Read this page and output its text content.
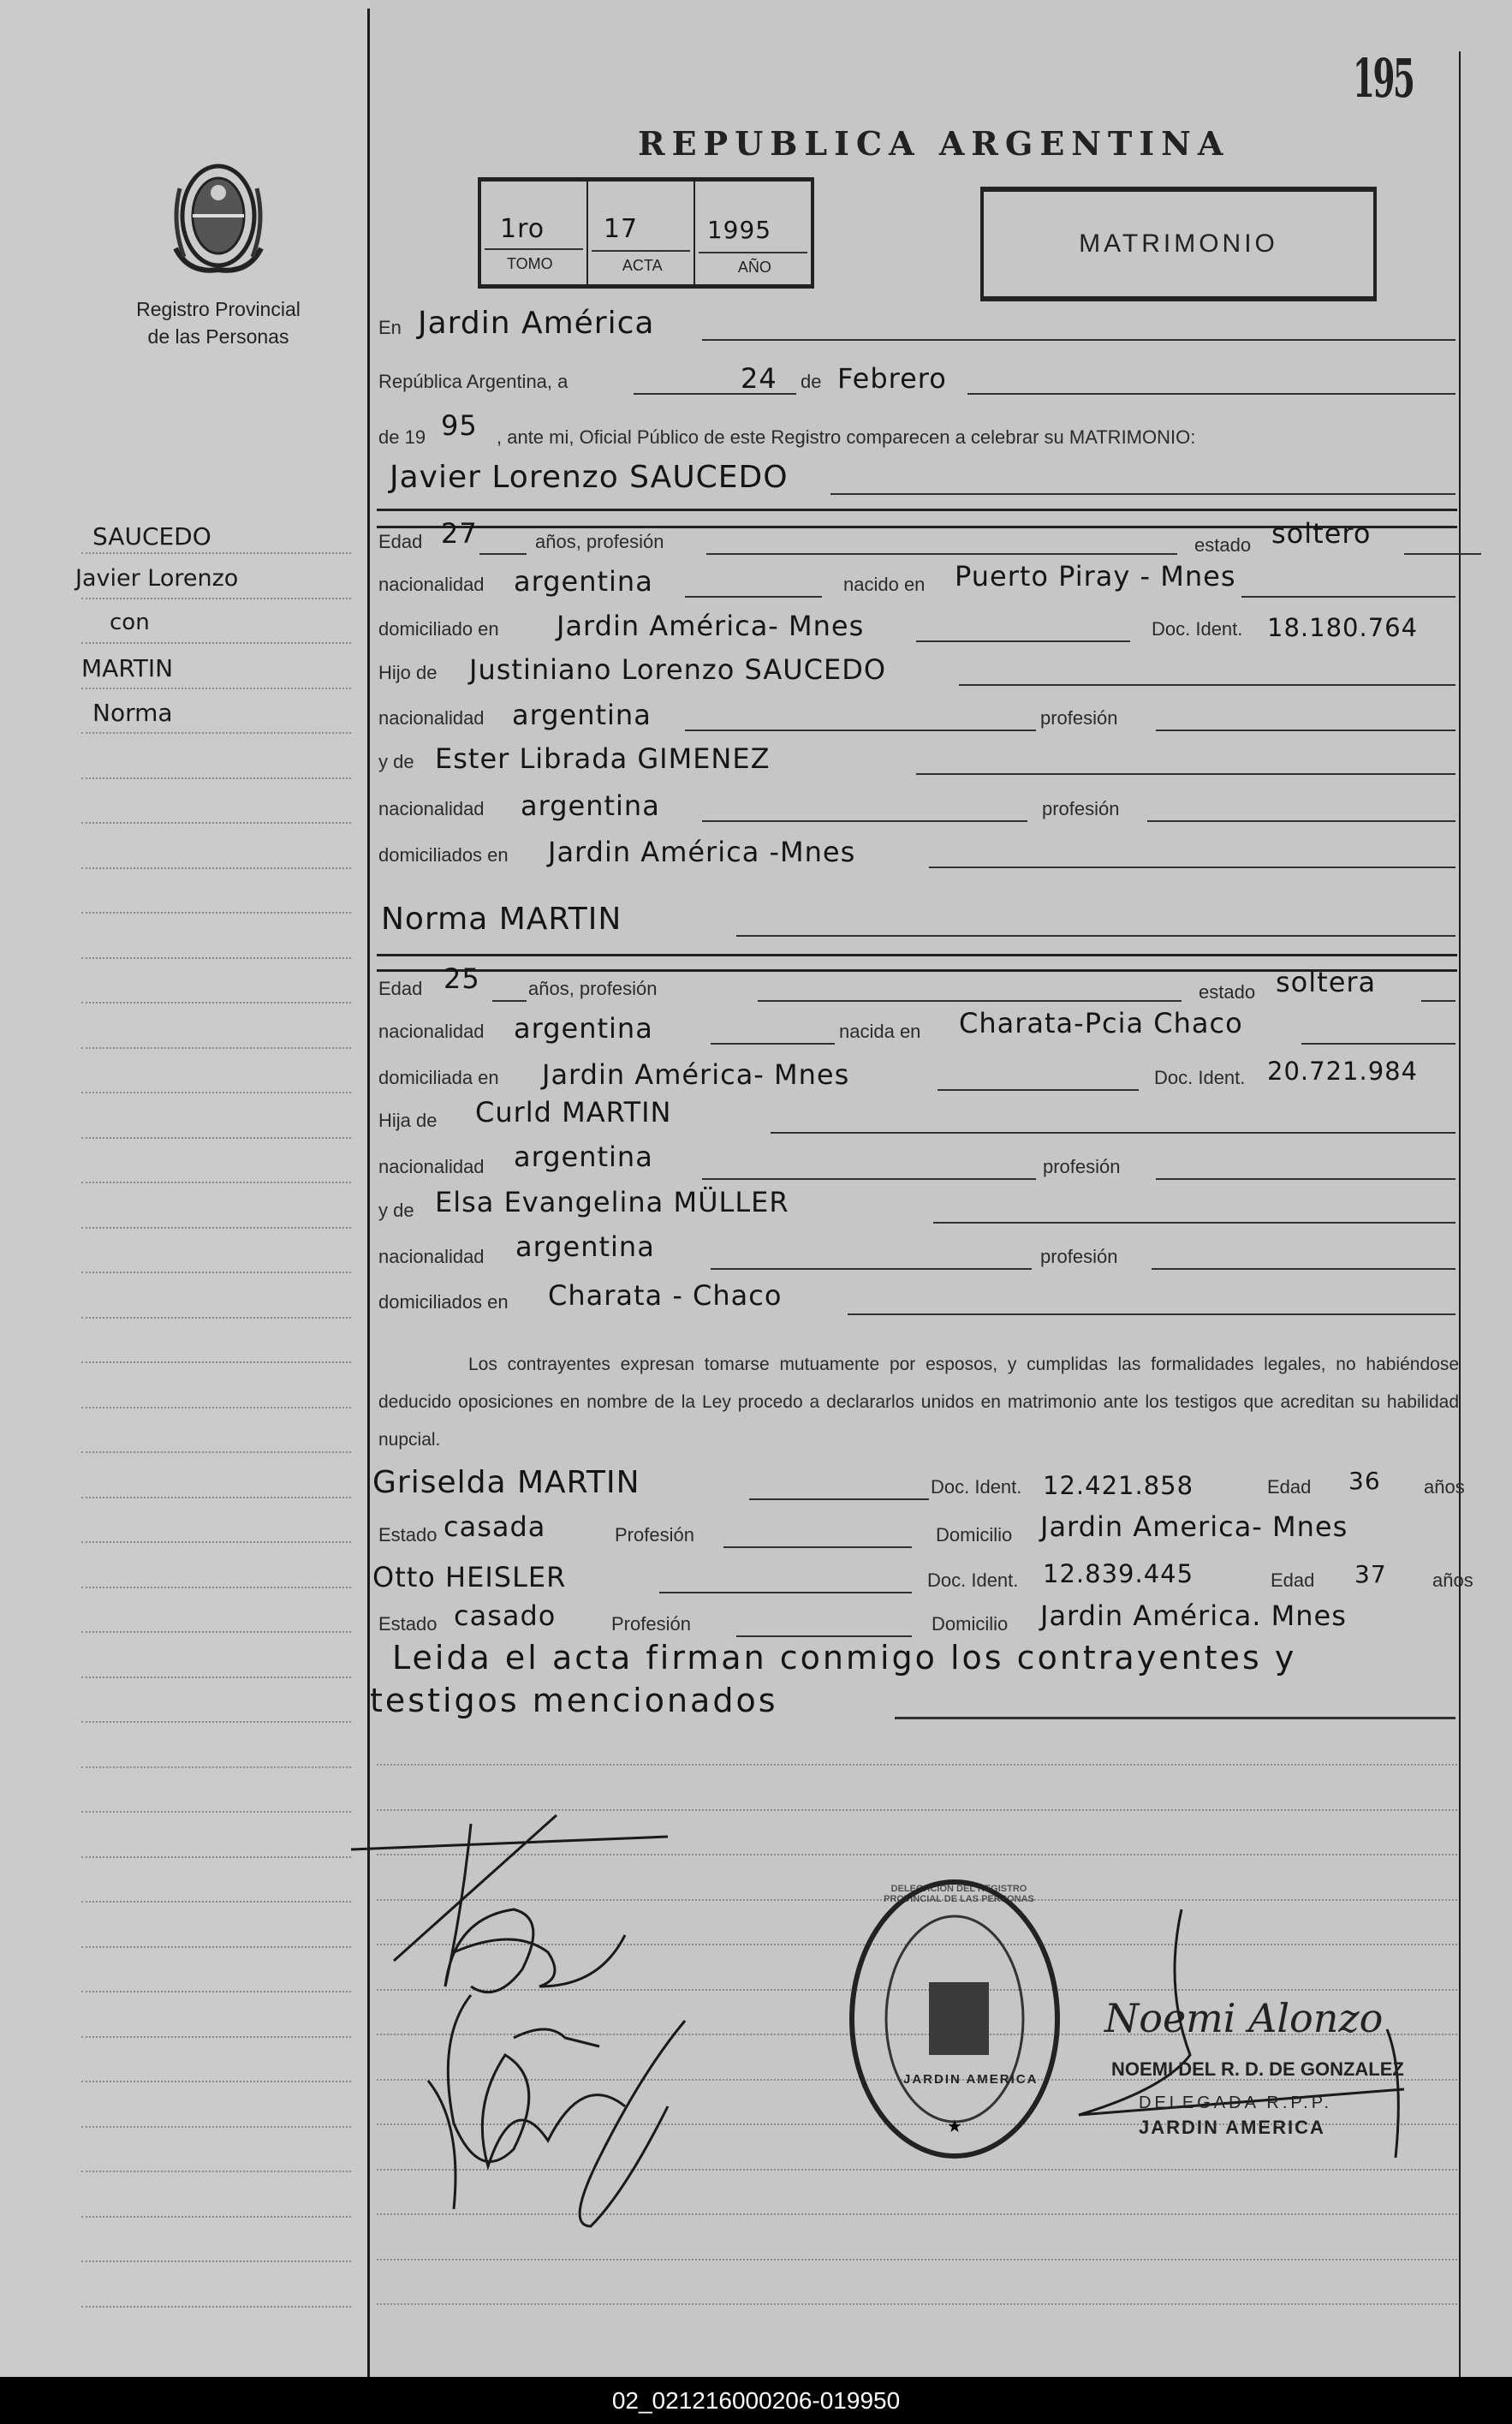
195
REPUBLICA ARGENTINA
Registro Provincial
de las Personas
1ro
TOMO
17
ACTA
1995
AÑO
MATRIMONIO
SAUCEDO
Javier Lorenzo
con
MARTIN
Norma
En Jardin América
República Argentina, a	24 de Febrero
de 19 95 , ante mi, Oficial Público de este Registro comparecen a celebrar su MATRIMONIO:
Javier Lorenzo SAUCEDO
Edad 27	años, profesión	estado soltero
nacionalidad argentina	nacido en Puerto Piray - Mnes
domiciliado en Jardin América- Mnes	Doc. Ident. 18.180.764
Hijo de Justiniano Lorenzo SAUCEDO
nacionalidad argentina	profesión
y de Ester Librada GIMENEZ
nacionalidad argentina	profesión
domiciliados en Jardin América -Mnes
Norma MARTIN
Edad 25	años, profesión	estado soltera
nacionalidad argentina	nacida en Charata-Pcia Chaco
domiciliada en Jardin América- Mnes	Doc. Ident. 20.721.984
Hija de Curld MARTIN
nacionalidad argentina	profesión
y de Elsa Evangelina MÜLLER
nacionalidad argentina	profesión
domiciliados en Charata - Chaco
Los contrayentes expresan tomarse mutuamente por esposos, y cumplidas las formalidades legales, no habiéndose deducido oposiciones en nombre de la Ley procedo a declararlos unidos en matrimonio ante los testigos que acreditan su habilidad nupcial.
Griselda MARTIN	Doc. Ident. 12.421.858	Edad 36 años
Estado casada	Profesión	Domicilio Jardin America- Mnes
Otto HEISLER	Doc. Ident. 12.839.445	Edad 37 años
Estado casado	Profesión	Domicilio Jardin América. Mnes
Leida el acta firman conmigo los contrayentes y
testigos mencionados
★
DELEGACION DEL REGISTRO PROVINCIAL DE LAS PERSONAS
JARDIN AMERICA
Noemi Alonzo
NOEMI DEL R. D. DE GONZALEZ
DELEGADA R.P.P.
JARDIN AMERICA
02_021216000206-019950
